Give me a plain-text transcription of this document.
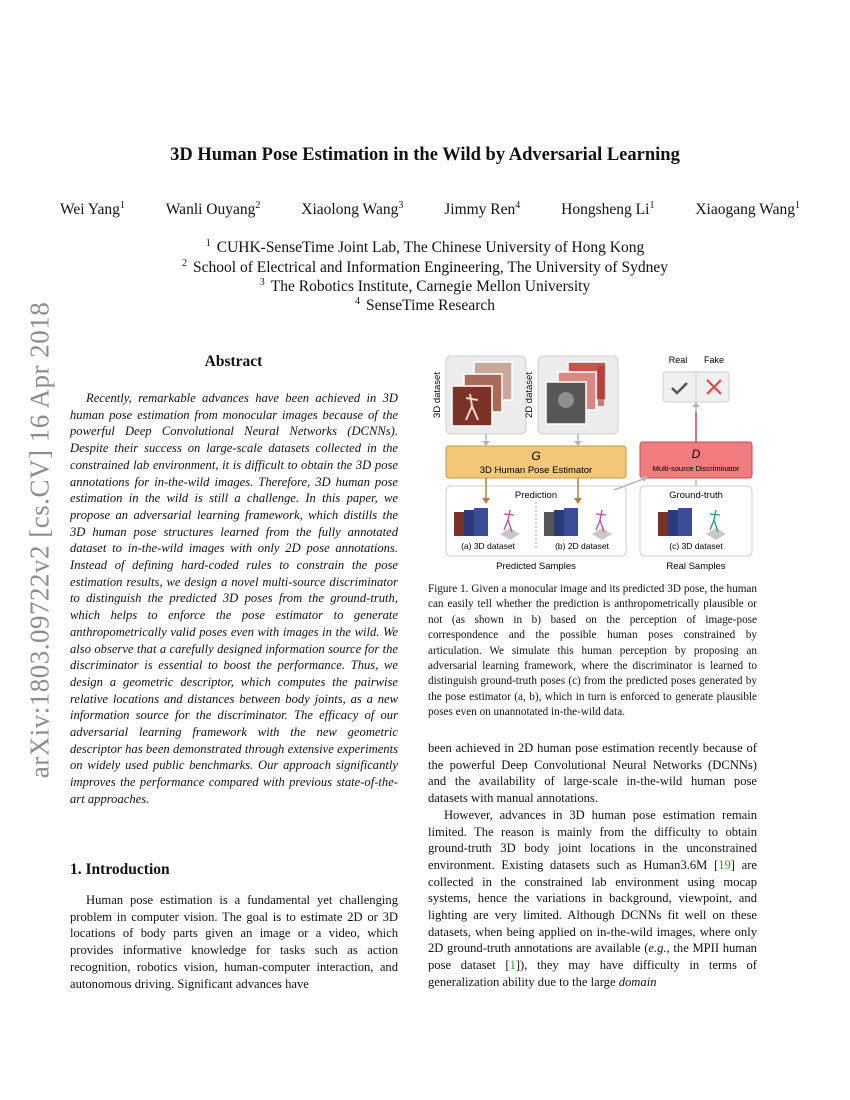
arXiv:1803.09722v2 [cs.CV] 16 Apr 2018
3D Human Pose Estimation in the Wild by Adversarial Learning
Wei Yang$^1$	Wanli Ouyang$^2$	Xiaolong Wang$^3$	Jimmy Ren$^4$	Hongsheng Li$^1$	Xiaogang Wang$^1$
$^1$ CUHK-SenseTime Joint Lab, The Chinese University of Hong Kong
$^2$ School of Electrical and Information Engineering, The University of Sydney
$^3$ The Robotics Institute, Carnegie Mellon University
$^4$ SenseTime Research
Abstract
Recently, remarkable advances have been achieved in 3D human pose estimation from monocular images because of the powerful Deep Convolutional Neural Networks (DCNNs). Despite their success on large-scale datasets collected in the constrained lab environment, it is difficult to obtain the 3D pose annotations for in-the-wild images. Therefore, 3D human pose estimation in the wild is still a challenge. In this paper, we propose an adversarial learning framework, which distills the 3D human pose structures learned from the fully annotated dataset to in-the-wild images with only 2D pose annotations. Instead of defining hard-coded rules to constrain the pose estimation results, we design a novel multi-source discriminator to distinguish the predicted 3D poses from the ground-truth, which helps to enforce the pose estimator to generate anthropometrically valid poses even with images in the wild. We also observe that a carefully designed information source for the discriminator is essential to boost the performance. Thus, we design a geometric descriptor, which computes the pairwise relative locations and distances between body joints, as a new information source for the discriminator. The efficacy of our adversarial learning framework with the new geometric descriptor has been demonstrated through extensive experiments on widely used public benchmarks. Our approach significantly improves the performance compared with previous state-of-the-art approaches.
1. Introduction
Human pose estimation is a fundamental yet challenging problem in computer vision. The goal is to estimate 2D or 3D locations of body parts given an image or a video, which provides informative knowledge for tasks such as action recognition, robotics vision, human-computer interaction, and autonomous driving. Significant advances have
3D dataset	2D dataset
G
3D Human Pose Estimator
Real Fake
D
Multi-source Discriminator
Prediction
(a) 3D dataset	(b) 2D dataset
Predicted Samples
Ground-truth
(c) 3D dataset
Real Samples
Figure 1. Given a monocular image and its predicted 3D pose, the human can easily tell whether the prediction is anthropometrically plausible or not (as shown in b) based on the perception of image-pose correspondence and the possible human poses constrained by articulation. We simulate this human perception by proposing an adversarial learning framework, where the discriminator is learned to distinguish ground-truth poses (c) from the predicted poses generated by the pose estimator (a, b), which in turn is enforced to generate plausible poses even on unannotated in-the-wild data.

been achieved in 2D human pose estimation recently because of the powerful Deep Convolutional Neural Networks (DCNNs) and the availability of large-scale in-the-wild human pose datasets with manual annotations.

However, advances in 3D human pose estimation remain limited. The reason is mainly from the difficulty to obtain ground-truth 3D body joint locations in the unconstrained environment. Existing datasets such as Human3.6M [19] are collected in the constrained lab environment using mocap systems, hence the variations in background, viewpoint, and lighting are very limited. Although DCNNs fit well on these datasets, when being applied on in-the-wild images, where only 2D ground-truth annotations are available (e.g., the MPII human pose dataset [1]), they may have difficulty in terms of generalization ability due to the large domain
